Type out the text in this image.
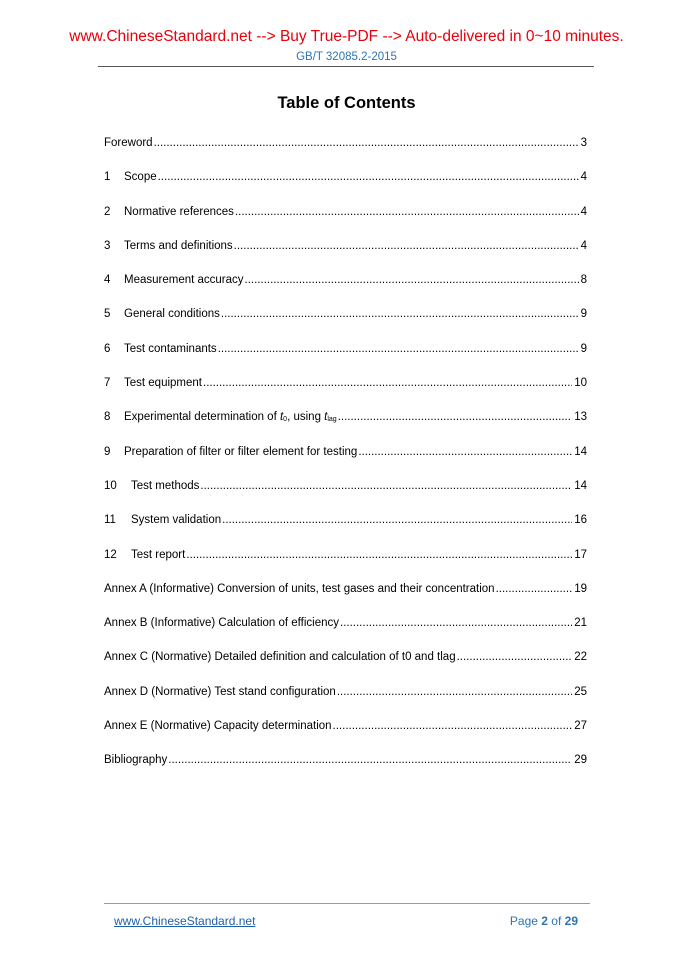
www.ChineseStandard.net --> Buy True-PDF --> Auto-delivered in 0~10 minutes.
GB/T 32085.2-2015
Table of Contents
Foreword .....	3
1	Scope .....	4
2	Normative references .....	4
3	Terms and definitions .....	4
4	Measurement accuracy .....	8
5	General conditions .....	9
6	Test contaminants .....	9
7	Test equipment .....	10
8	Experimental determination of $t_0$, using $t_{lag}$ .....	13
9	Preparation of filter or filter element for testing .....	14
10	Test methods .....	14
11	System validation .....	16
12	Test report .....	17
Annex A (Informative) Conversion of units, test gases and their concentration .....	19
Annex B (Informative) Calculation of efficiency .....	21
Annex C (Normative) Detailed definition and calculation of t0 and tlag .....	22
Annex D (Normative) Test stand configuration .....	25
Annex E (Normative) Capacity determination .....	27
Bibliography .....	29
www.ChineseStandard.net	Page 2 of 29
